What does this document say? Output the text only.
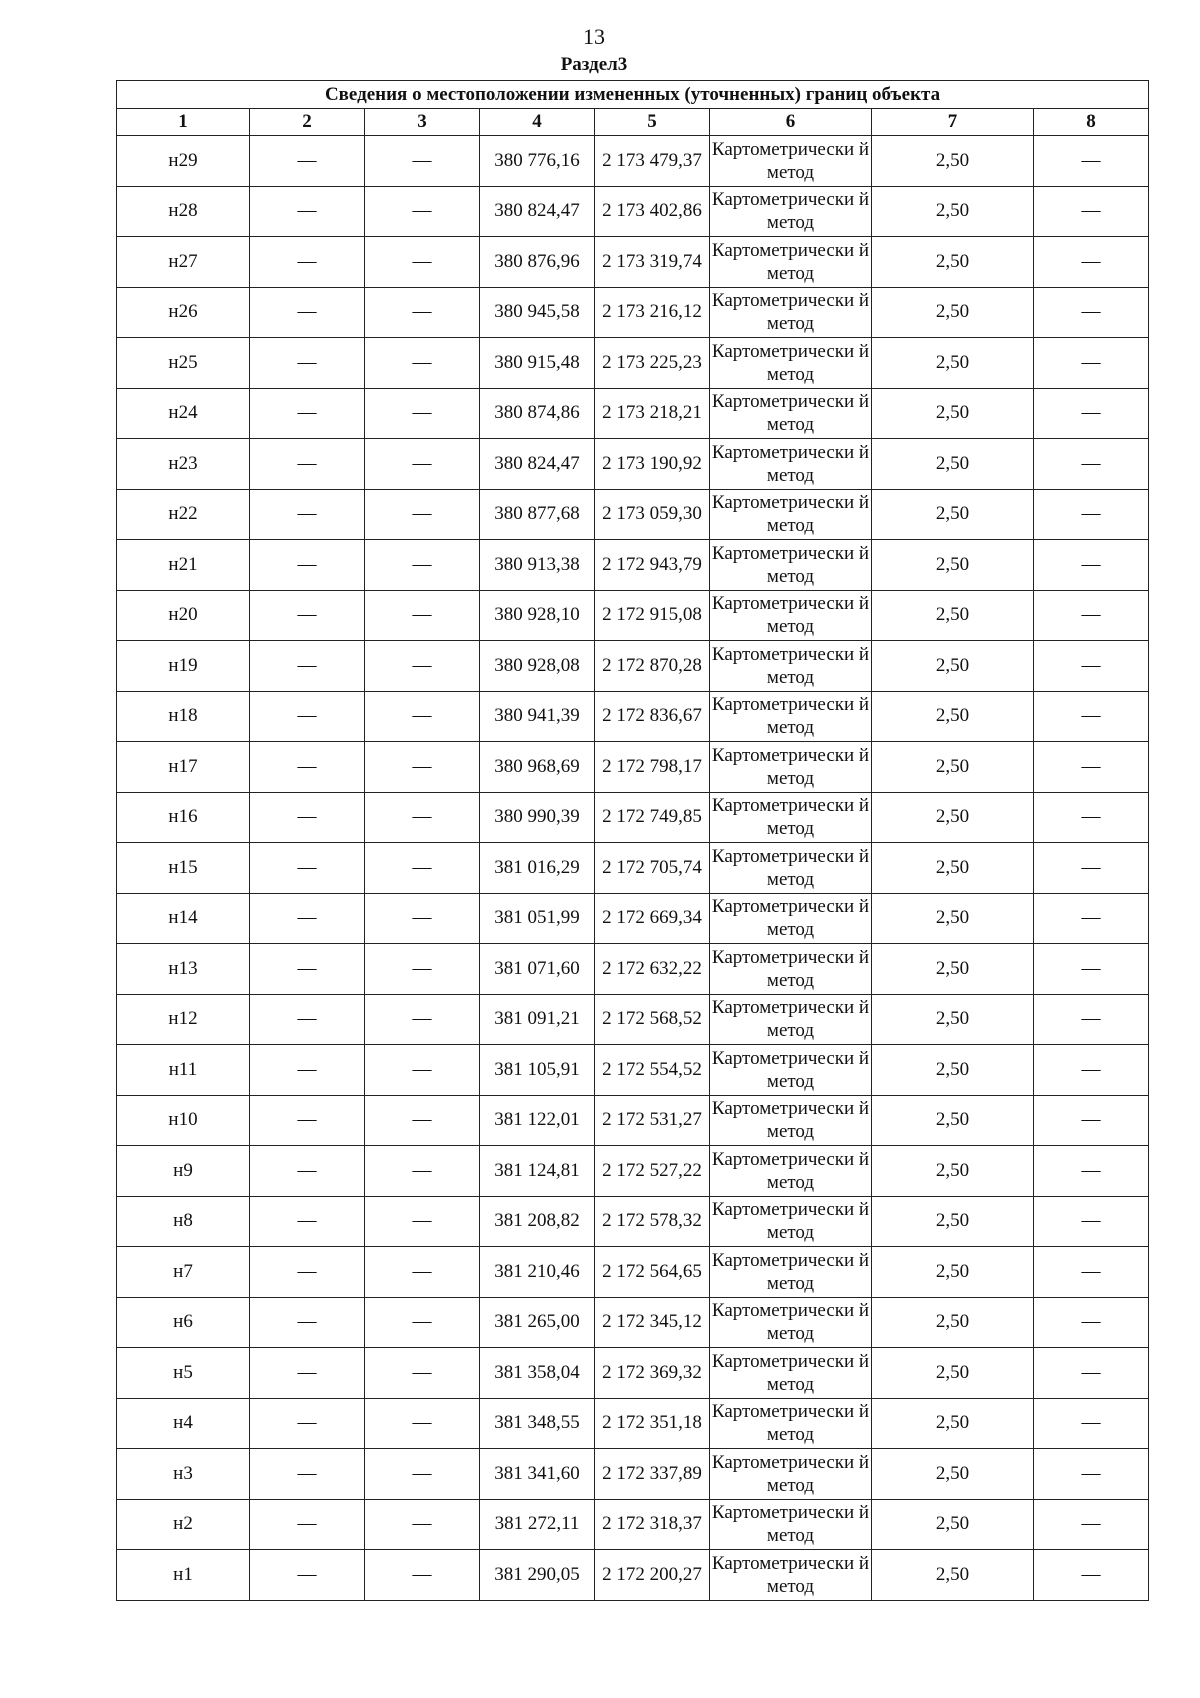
13
Раздел3
Сведения о местоположении измененных (уточненных) границ объекта							
1	2	3	4	5	6	7	8
н29	—	—	380 776,16	2 173 479,37	Картометрически й метод	2,50	—
н28	—	—	380 824,47	2 173 402,86	Картометрически й метод	2,50	—
н27	—	—	380 876,96	2 173 319,74	Картометрически й метод	2,50	—
н26	—	—	380 945,58	2 173 216,12	Картометрически й метод	2,50	—
н25	—	—	380 915,48	2 173 225,23	Картометрически й метод	2,50	—
н24	—	—	380 874,86	2 173 218,21	Картометрически й метод	2,50	—
н23	—	—	380 824,47	2 173 190,92	Картометрически й метод	2,50	—
н22	—	—	380 877,68	2 173 059,30	Картометрически й метод	2,50	—
н21	—	—	380 913,38	2 172 943,79	Картометрически й метод	2,50	—
н20	—	—	380 928,10	2 172 915,08	Картометрически й метод	2,50	—
н19	—	—	380 928,08	2 172 870,28	Картометрически й метод	2,50	—
н18	—	—	380 941,39	2 172 836,67	Картометрически й метод	2,50	—
н17	—	—	380 968,69	2 172 798,17	Картометрически й метод	2,50	—
н16	—	—	380 990,39	2 172 749,85	Картометрически й метод	2,50	—
н15	—	—	381 016,29	2 172 705,74	Картометрически й метод	2,50	—
н14	—	—	381 051,99	2 172 669,34	Картометрически й метод	2,50	—
н13	—	—	381 071,60	2 172 632,22	Картометрически й метод	2,50	—
н12	—	—	381 091,21	2 172 568,52	Картометрически й метод	2,50	—
н11	—	—	381 105,91	2 172 554,52	Картометрически й метод	2,50	—
н10	—	—	381 122,01	2 172 531,27	Картометрически й метод	2,50	—
н9	—	—	381 124,81	2 172 527,22	Картометрически й метод	2,50	—
н8	—	—	381 208,82	2 172 578,32	Картометрически й метод	2,50	—
н7	—	—	381 210,46	2 172 564,65	Картометрически й метод	2,50	—
н6	—	—	381 265,00	2 172 345,12	Картометрически й метод	2,50	—
н5	—	—	381 358,04	2 172 369,32	Картометрически й метод	2,50	—
н4	—	—	381 348,55	2 172 351,18	Картометрически й метод	2,50	—
н3	—	—	381 341,60	2 172 337,89	Картометрически й метод	2,50	—
н2	—	—	381 272,11	2 172 318,37	Картометрически й метод	2,50	—
н1	—	—	381 290,05	2 172 200,27	Картометрически й метод	2,50	—
